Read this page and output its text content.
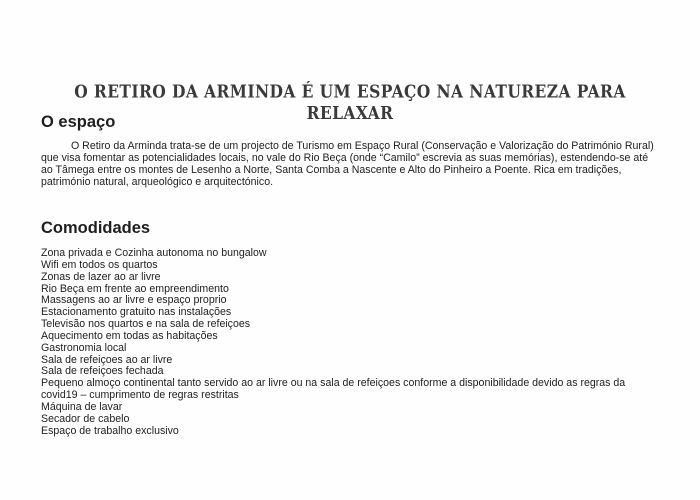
O RETIRO DA ARMINDA É UM ESPAÇO NA NATUREZA PARA RELAXAR
O espaço
O Retiro da Arminda trata-se de um projecto de Turismo em Espaço Rural (Conservação e Valorização do Património Rural)
que visa fomentar as potencialidades locais, no vale do Rio Beça (onde “Camilo” escrevia as suas memórias), estendendo-se até
ao Tâmega entre os montes de Lesenho a Norte, Santa Comba a Nascente e Alto do Pinheiro a Poente. Rica em tradições,
património natural, arqueológico e arquitectónico.
Comodidades
Zona privada e Cozinha autonoma no bungalow
Wifi em todos os quartos
Zonas de lazer ao ar livre
Rio Beça em frente ao empreendimento
Massagens ao ar livre e espaço proprio
Estacionamento gratuito nas instalações
Televisão nos quartos e na sala de refeiçoes
Aquecimento em todas as habitações
Gastronomia local
Sala de refeiçoes ao ar livre
Sala de refeiçoes fechada
Pequeno almoço continental tanto servido ao ar livre ou na sala de refeiçoes conforme a disponibilidade devido as regras da
covid19 – cumprimento de regras restritas
Máquina de lavar
Secador de cabelo
Espaço de trabalho exclusivo
